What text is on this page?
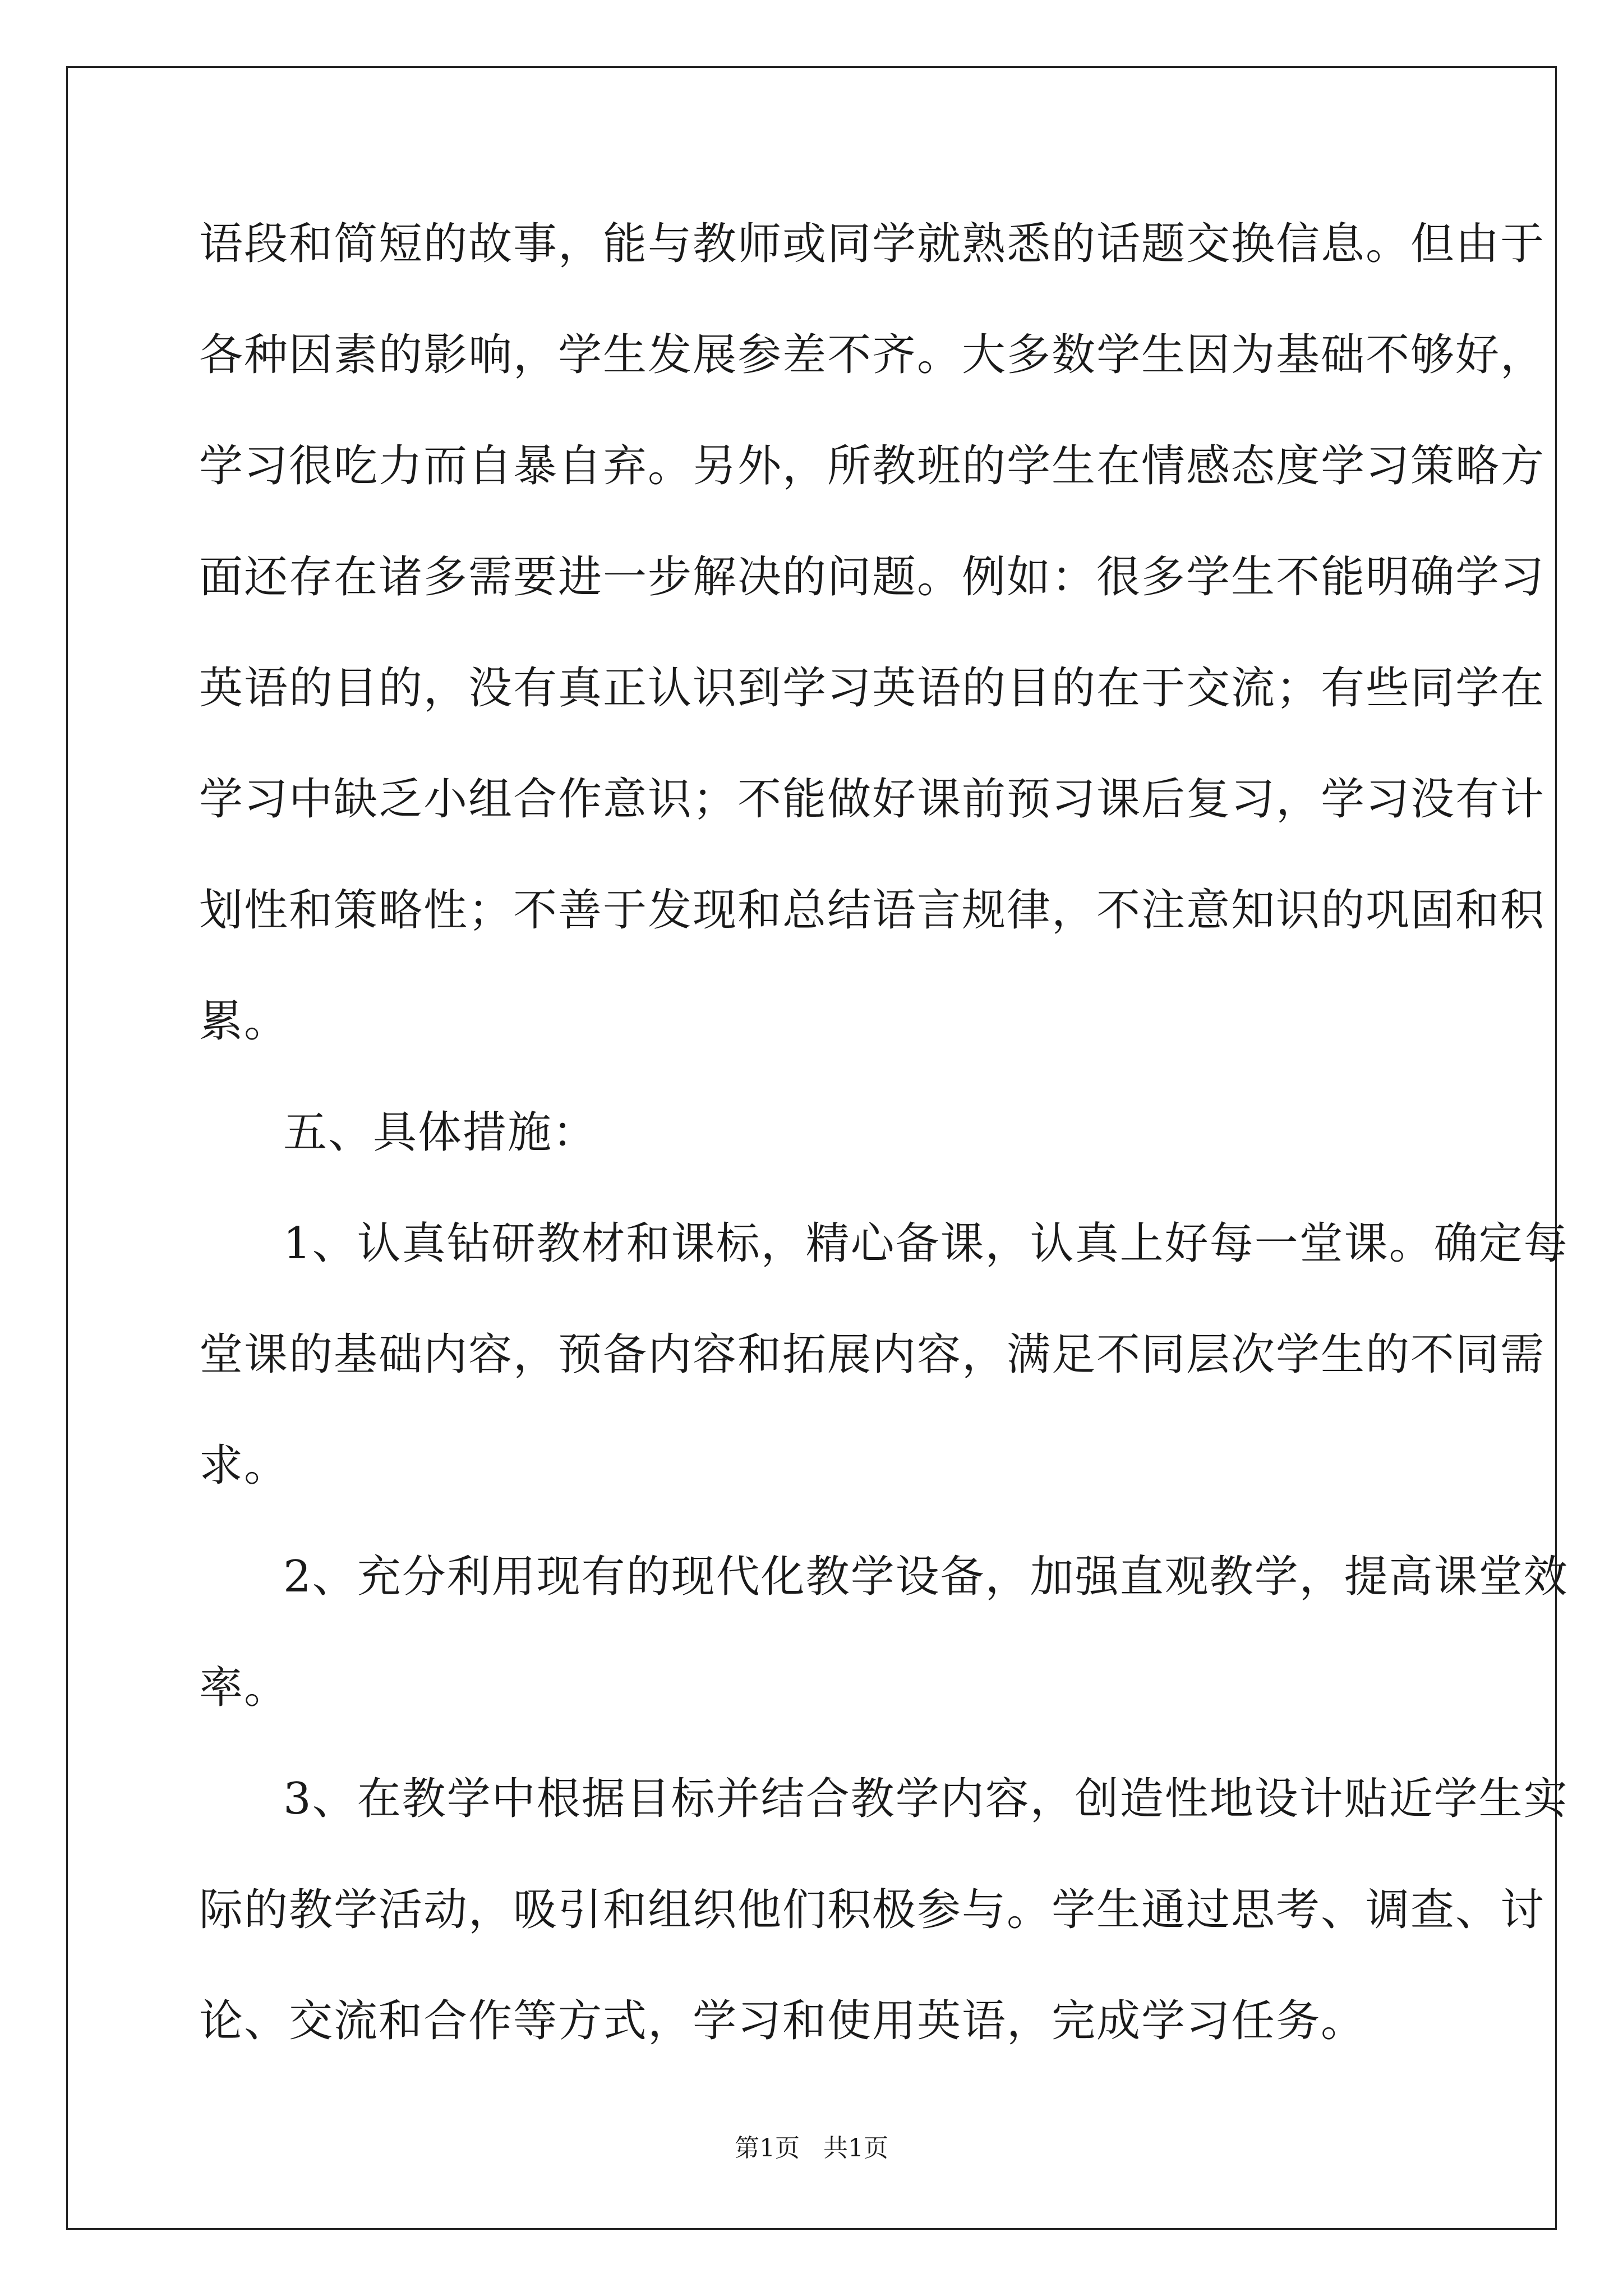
语段和简短的故事，能与教师或同学就熟悉的话题交换信息。但由于
各种因素的影响，学生发展参差不齐。大多数学生因为基础不够好，
学习很吃力而自暴自弃。另外，所教班的学生在情感态度学习策略方
面还存在诸多需要进一步解决的问题。例如：很多学生不能明确学习
英语的目的，没有真正认识到学习英语的目的在于交流；有些同学在
学习中缺乏小组合作意识；不能做好课前预习课后复习，学习没有计
划性和策略性；不善于发现和总结语言规律，不注意知识的巩固和积
累。
五、具体措施：
1、认真钻研教材和课标，精心备课，认真上好每一堂课。确定每
堂课的基础内容，预备内容和拓展内容，满足不同层次学生的不同需
求。
2、充分利用现有的现代化教学设备，加强直观教学，提高课堂效
率。
3、在教学中根据目标并结合教学内容，创造性地设计贴近学生实
际的教学活动，吸引和组织他们积极参与。学生通过思考、调查、讨
论、交流和合作等方式，学习和使用英语，完成学习任务。
第1页   共1页
